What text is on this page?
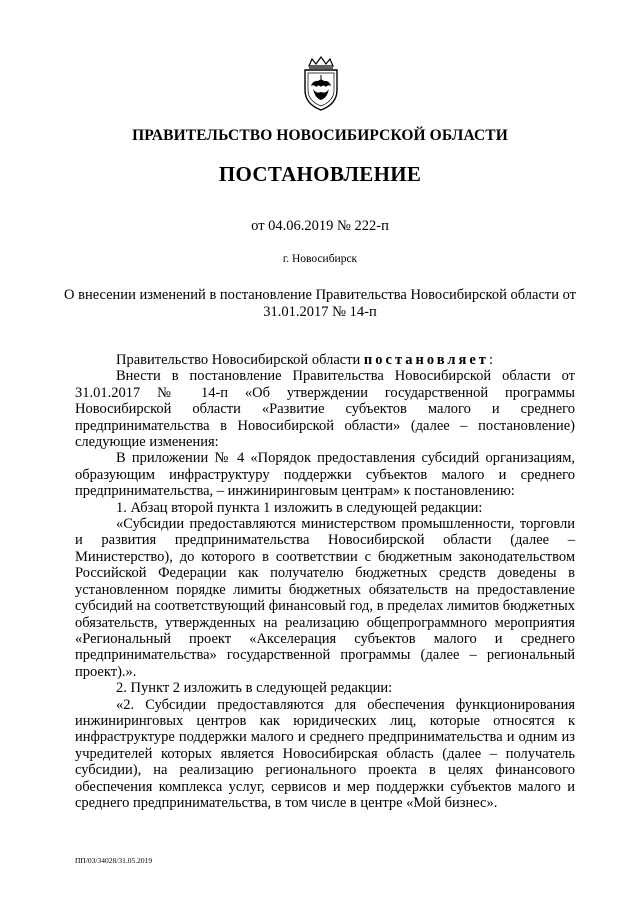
ПРАВИТЕЛЬСТВО НОВОСИБИРСКОЙ ОБЛАСТИ
ПОСТАНОВЛЕНИЕ
от 04.06.2019 № 222-п
г. Новосибирск
О внесении изменений в постановление Правительства Новосибирской области от 31.01.2017 № 14-п

Правительство Новосибирской области постановляет:

Внести в постановление Правительства Новосибирской области от 31.01.2017 № 14-п «Об утверждении государственной программы Новосибирской области «Развитие субъектов малого и среднего предпринимательства в Новосибирской области» (далее – постановление) следующие изменения:

В приложении № 4 «Порядок предоставления субсидий организациям, образующим инфраструктуру поддержки субъектов малого и среднего предпринимательства, – инжиниринговым центрам» к постановлению:

1. Абзац второй пункта 1 изложить в следующей редакции:

«Субсидии предоставляются министерством промышленности, торговли и развития предпринимательства Новосибирской области (далее – Министерство), до которого в соответствии с бюджетным законодательством Российской Федерации как получателю бюджетных средств доведены в установленном порядке лимиты бюджетных обязательств на предоставление субсидий на соответствующий финансовый год, в пределах лимитов бюджетных обязательств, утвержденных на реализацию общепрограммного мероприятия «Региональный проект «Акселерация субъектов малого и среднего предпринимательства» государственной программы (далее – региональный проект).».

2. Пункт 2 изложить в следующей редакции:

«2. Субсидии предоставляются для обеспечения функционирования инжиниринговых центров как юридических лиц, которые относятся к инфраструктуре поддержки малого и среднего предпринимательства и одним из учредителей которых является Новосибирская область (далее – получатель субсидии), на реализацию регионального проекта в целях финансового обеспечения комплекса услуг, сервисов и мер поддержки субъектов малого и среднего предпринимательства, в том числе в центре «Мой бизнес».

ПП/03/34028/31.05.2019
